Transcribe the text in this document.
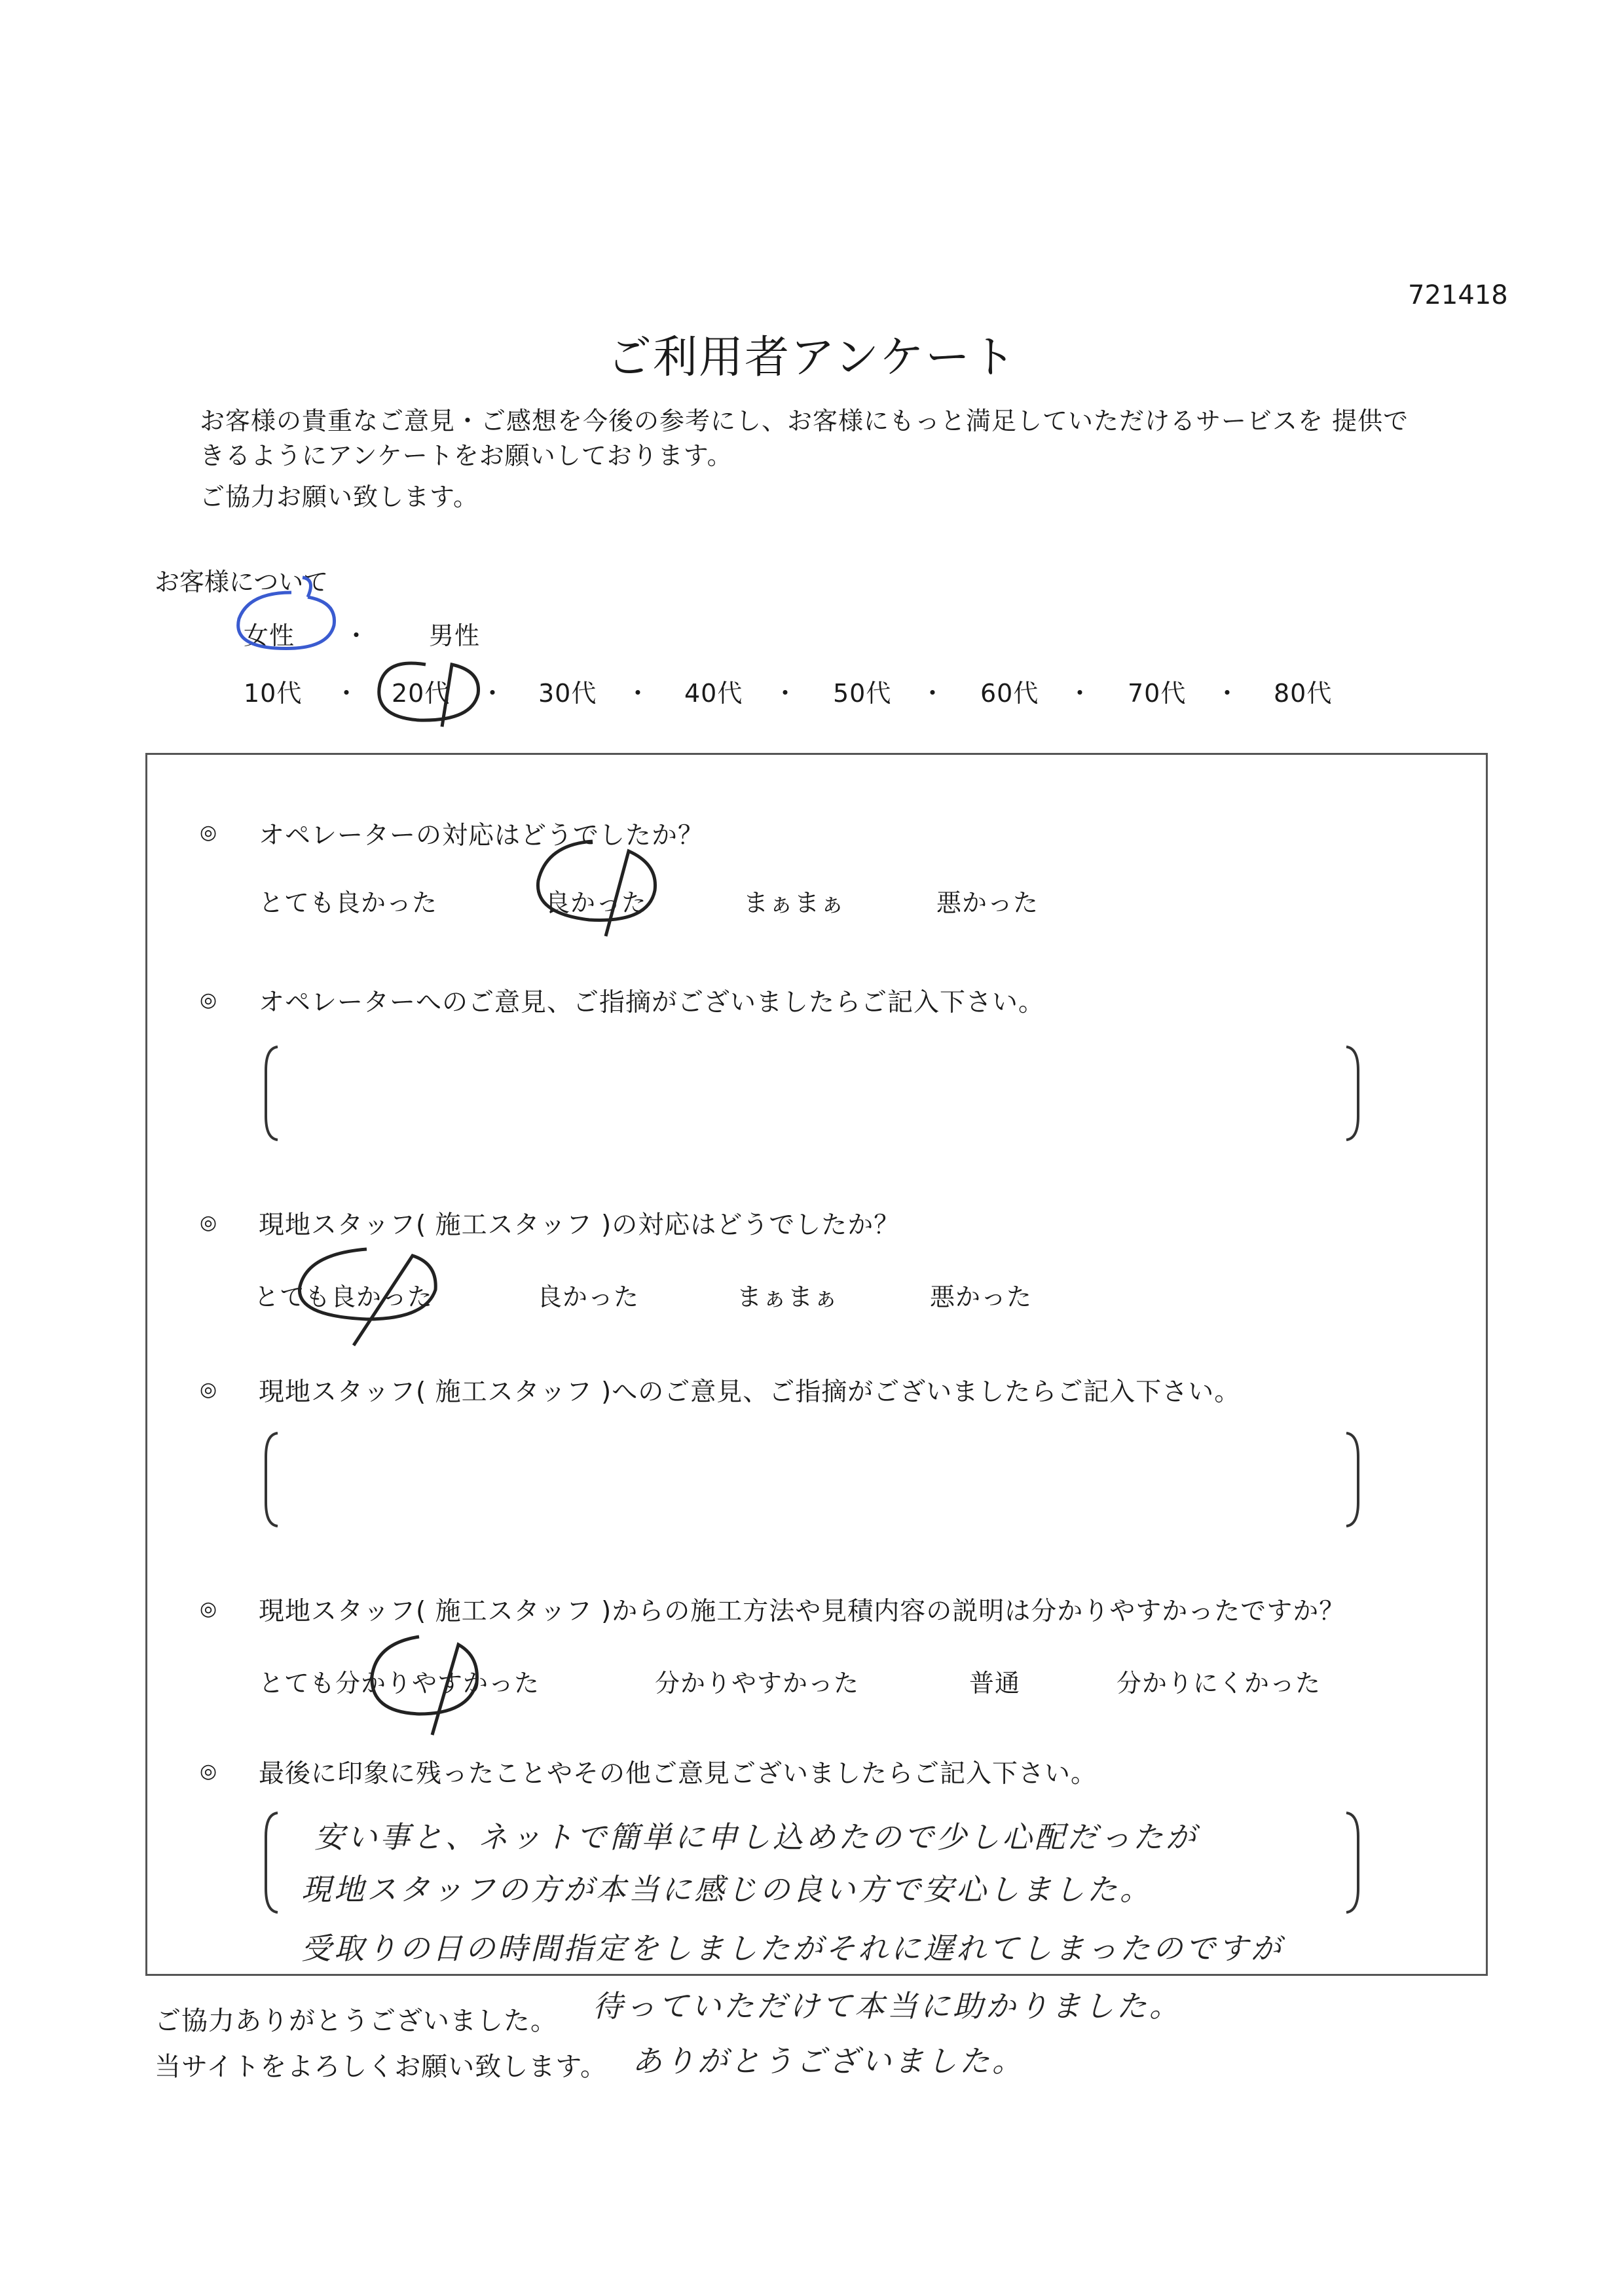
721418
ご利用者アンケート
お客様の貴重なご意見・ご感想を今後の参考にし、お客様にもっと満足していただけるサービスを 提供で
きるようにアンケートをお願いしております。
ご協力お願い致します。
お客様について
女性 ・ 男性
10代 ・ 20代 ・ 30代 ・ 40代 ・ 50代 ・ 60代 ・ 70代 ・ 80代
◎ オペレーターの対応はどうでしたか？
とても良かった	良かった	まぁまぁ	悪かった
◎ オペレーターへのご意見、ご指摘がございましたらご記入下さい。
◎ 現地スタッフ( 施工スタッフ )の対応はどうでしたか？
とても良かった	良かった	まぁまぁ	悪かった
◎ 現地スタッフ( 施工スタッフ )へのご意見、ご指摘がございましたらご記入下さい。
◎ 現地スタッフ( 施工スタッフ )からの施工方法や見積内容の説明は分かりやすかったですか？
とても分かりやすかった	分かりやすかった	普通	分かりにくかった
◎ 最後に印象に残ったことやその他ご意見ございましたらご記入下さい。
安い事と、ネットで簡単に申し込めたので少し心配だったが
現地スタッフの方が本当に感じの良い方で安心しました。
受取りの日の時間指定をしましたがそれに遅れてしまったのですが
待っていただけて本当に助かりました。
ありがとうございました。
ご協力ありがとうございました。
当サイトをよろしくお願い致します。
